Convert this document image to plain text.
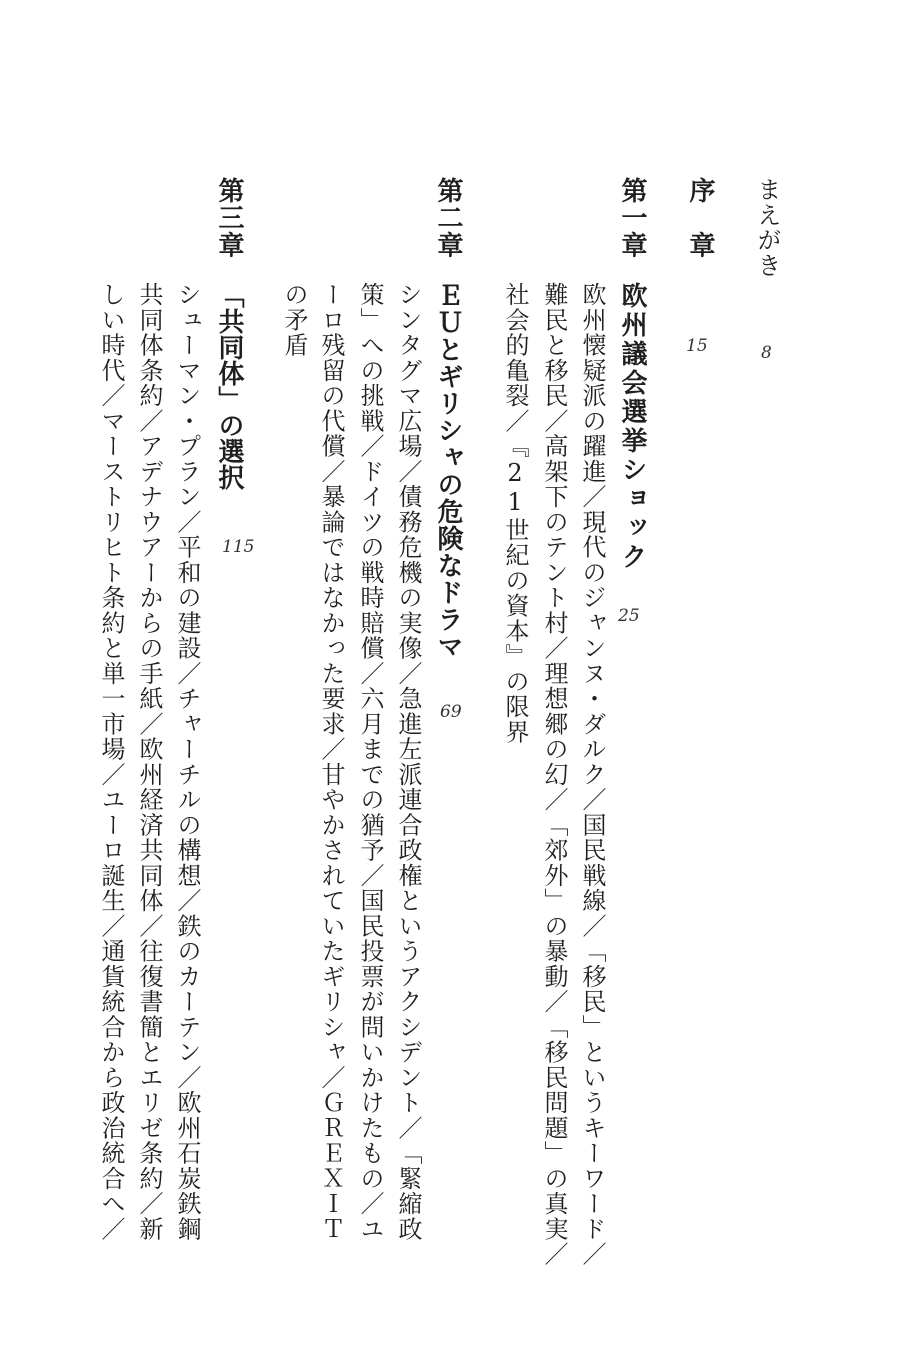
まえがき
8
序　章
15
第一章
欧州議会選挙ショック
25
欧州懐疑派の躍進／現代のジャンヌ・ダルク／国民戦線／「移民」というキーワード／
難民と移民／高架下のテント村／理想郷の幻／「郊外」の暴動／「移民問題」の真実／
社会的亀裂／『21世紀の資本』の限界
第二章
ＥＵとギリシャの危険なドラマ
69
シンタグマ広場／債務危機の実像／急進左派連合政権というアクシデント／「緊縮政
策」への挑戦／ドイツの戦時賠償／六月までの猶予／国民投票が問いかけたもの／ユ
ーロ残留の代償／暴論ではなかった要求／甘やかされていたギリシャ／ＧＲＥＸＩＴ
の矛盾
第三章
「共同体」の選択
115
シューマン・プラン／平和の建設／チャーチルの構想／鉄のカーテン／欧州石炭鉄鋼
共同体条約／アデナウアーからの手紙／欧州経済共同体／往復書簡とエリゼ条約／新
しい時代／マーストリヒト条約と単一市場／ユーロ誕生／通貨統合から政治統合へ／
